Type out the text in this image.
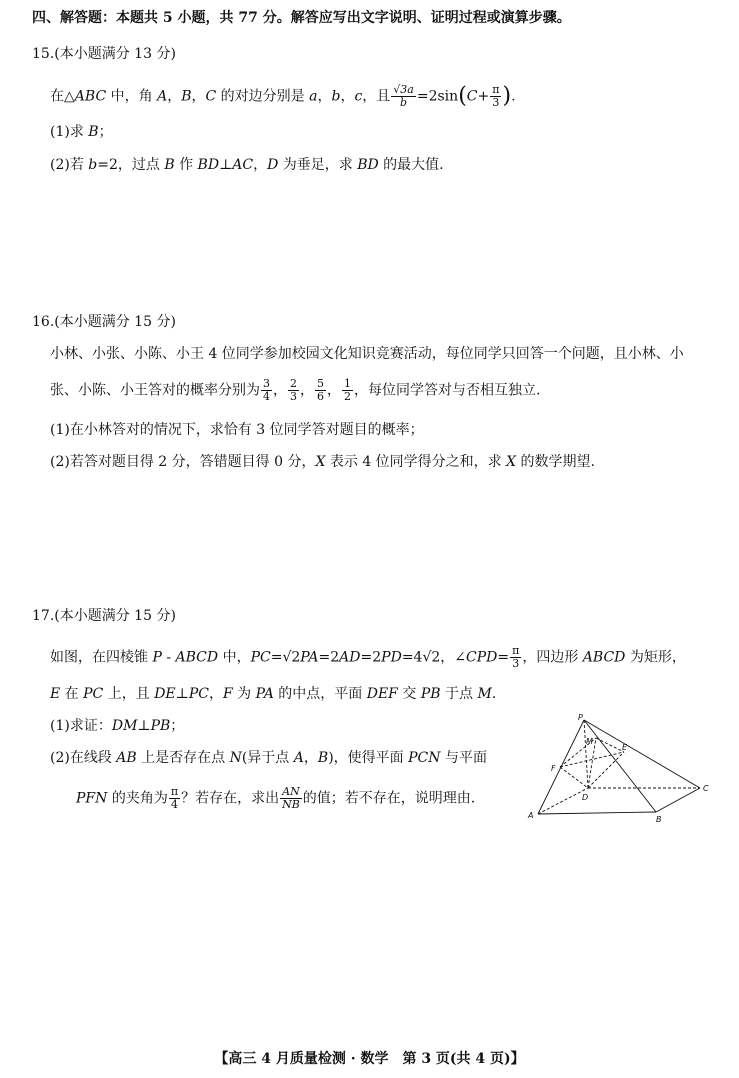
四、解答题：本题共 5 小题，共 77 分。解答应写出文字说明、证明过程或演算步骤。
15.(本小题满分 13 分)
在△ABC 中，角 A，B，C 的对边分别是 a，b，c，且 $\frac{√3a}{b} =2\sin(C+ \frac{\pi}{3}$ ).
(1)求 B；
(2)若 b=2，过点 B 作 BD⊥AC，D 为垂足，求 BD 的最大值.
16.(本小题满分 15 分)
小林、小张、小陈、小王 4 位同学参加校园文化知识竞赛活动，每位同学只回答一个问题，且小林、小
张、小陈、小王答对的概率分别为 $\frac{3}{4}$ ， $\frac{2}{3}$ ， $\frac{5}{6}$ ， $\frac{1}{2}$ ，每位同学答对与否相互独立.
(1)在小林答对的情况下，求恰有 3 位同学答对题目的概率；
(2)若答对题目得 2 分，答错题目得 0 分，X 表示 4 位同学得分之和，求 X 的数学期望.
17.(本小题满分 15 分)
如图，在四棱锥 P - ABCD 中，PC=√2PA=2AD=2PD=4√2，∠CPD= $\frac{\pi}{3}$ ，四边形 ABCD 为矩形，
E 在 PC 上，且 DE⊥PC，F 为 PA 的中点，平面 DEF 交 PB 于点 M.
(1)求证：DM⊥PB；
(2)在线段 AB 上是否存在点 N(异于点 A，B)，使得平面 PCN 与平面
PFN 的夹角为 $\frac{\pi}{4}$ ？若存在，求出 $\frac{AN}{NB}$ 的值；若不存在，说明理由.
P
A	B
C
D
E
F
M
【高三 4 月质量检测 · 数学　第 3 页(共 4 页)】
